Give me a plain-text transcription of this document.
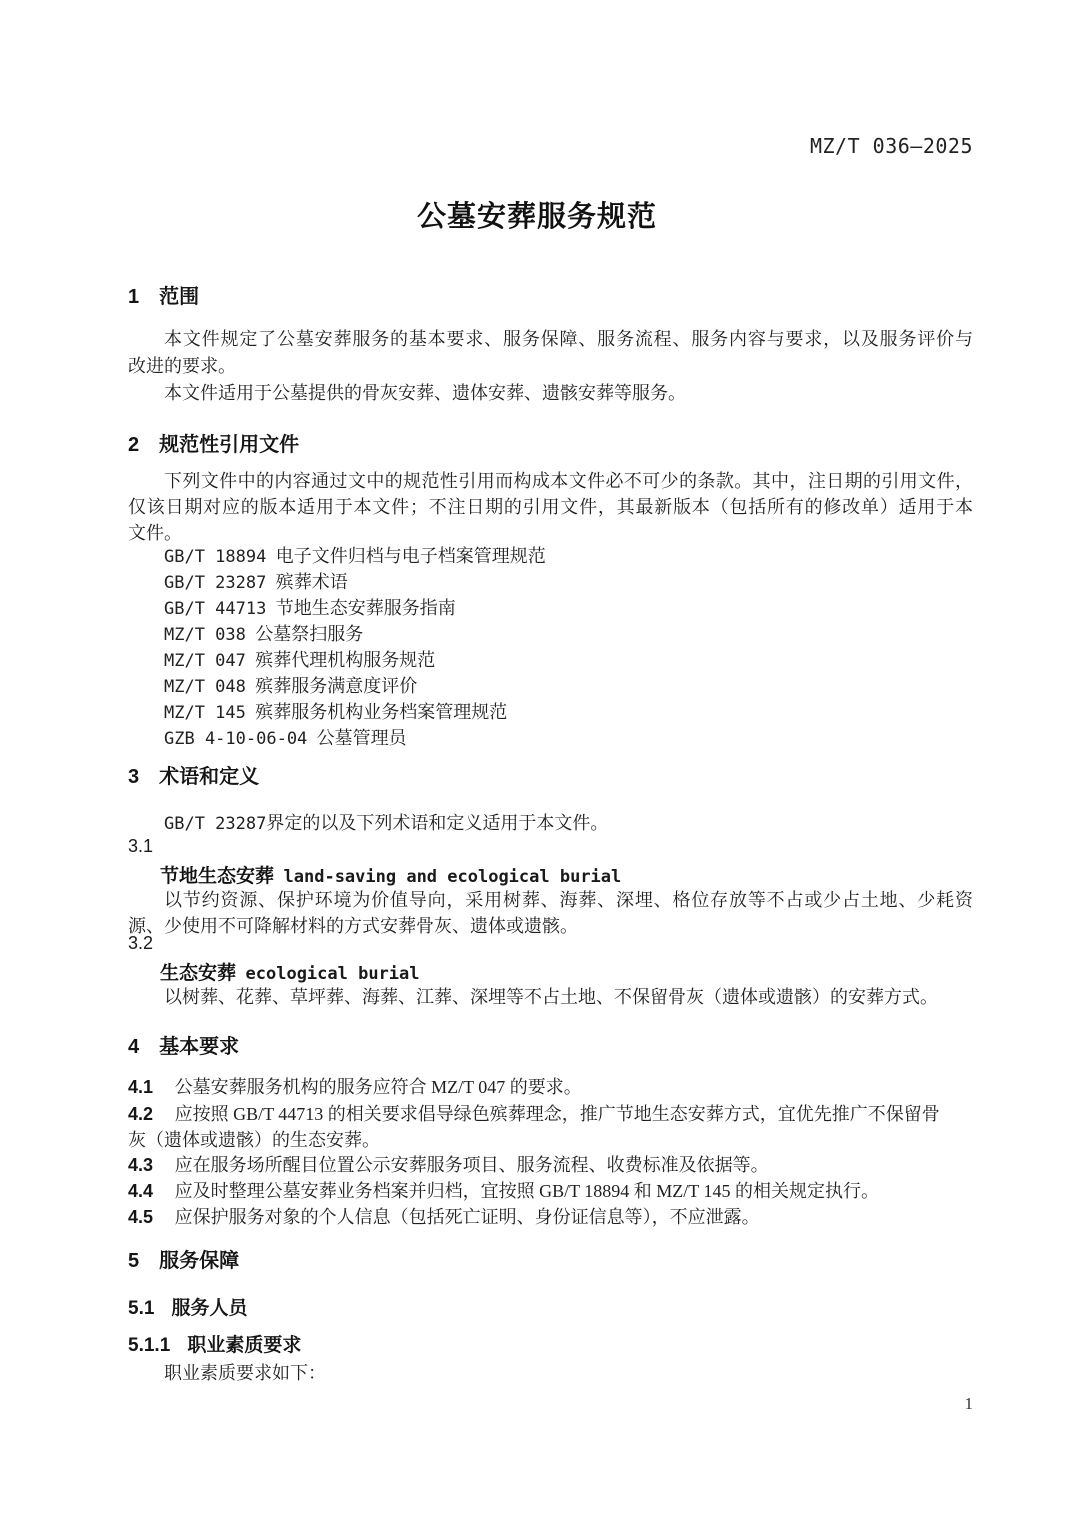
MZ/T 036—2025
公墓安葬服务规范
1 范围
本文件规定了公墓安葬服务的基本要求、服务保障、服务流程、服务内容与要求，以及服务评价与
改进的要求。
本文件适用于公墓提供的骨灰安葬、遗体安葬、遗骸安葬等服务。
2 规范性引用文件
下列文件中的内容通过文中的规范性引用而构成本文件必不可少的条款。其中，注日期的引用文件，
仅该日期对应的版本适用于本文件；不注日期的引用文件，其最新版本（包括所有的修改单）适用于本
文件。
GB/T 18894 电子文件归档与电子档案管理规范
GB/T 23287 殡葬术语
GB/T 44713 节地生态安葬服务指南
MZ/T 038 公墓祭扫服务
MZ/T 047 殡葬代理机构服务规范
MZ/T 048 殡葬服务满意度评价
MZ/T 145 殡葬服务机构业务档案管理规范
GZB 4-10-06-04 公墓管理员
3 术语和定义
GB/T 23287界定的以及下列术语和定义适用于本文件。
3.1
节地生态安葬 land-saving and ecological burial
以节约资源、保护环境为价值导向，采用树葬、海葬、深埋、格位存放等不占或少占土地、少耗资
源、少使用不可降解材料的方式安葬骨灰、遗体或遗骸。
3.2
生态安葬 ecological burial
以树葬、花葬、草坪葬、海葬、江葬、深埋等不占土地、不保留骨灰（遗体或遗骸）的安葬方式。
4 基本要求
4.1 公墓安葬服务机构的服务应符合 MZ/T 047 的要求。
4.2 应按照 GB/T 44713 的相关要求倡导绿色殡葬理念，推广节地生态安葬方式，宜优先推广不保留骨
灰（遗体或遗骸）的生态安葬。
4.3 应在服务场所醒目位置公示安葬服务项目、服务流程、收费标准及依据等。
4.4 应及时整理公墓安葬业务档案并归档，宜按照 GB/T 18894 和 MZ/T 145 的相关规定执行。
4.5 应保护服务对象的个人信息（包括死亡证明、身份证信息等），不应泄露。
5 服务保障
5.1 服务人员
5.1.1 职业素质要求
职业素质要求如下：
1
